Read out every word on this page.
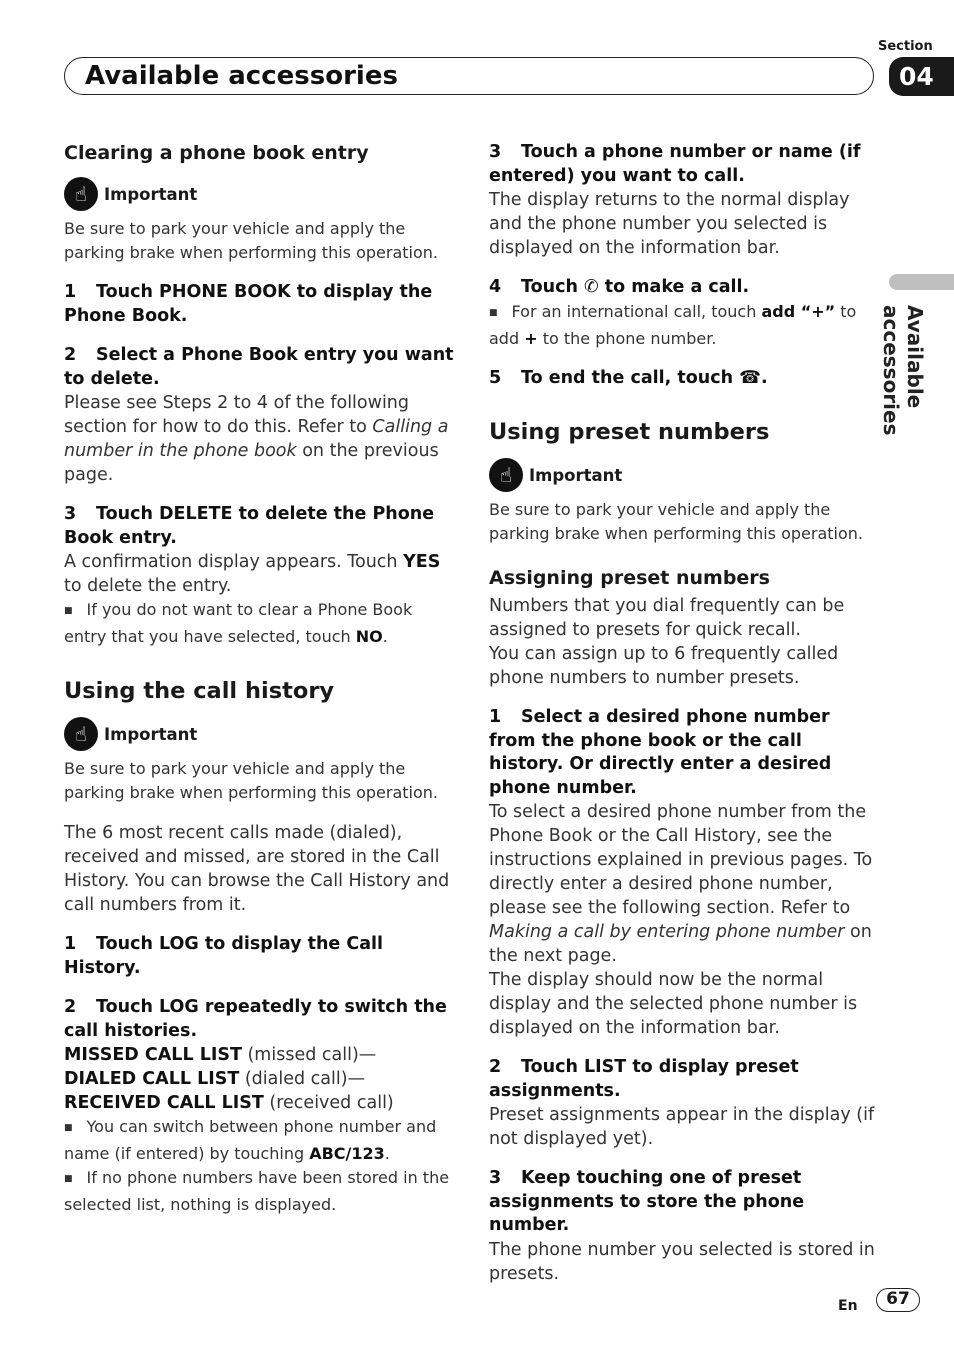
Section
Available accessories	04
Available accessories

Clearing a phone book entry

☝	Important

Be sure to park your vehicle and apply the parking brake when performing this operation.

1 Touch PHONE BOOK to display the Phone Book.

2 Select a Phone Book entry you want to delete.

Please see Steps 2 to 4 of the following section for how to do this. Refer to Calling a number in the phone book on the previous page.

3 Touch DELETE to delete the Phone Book entry.

A confirmation display appears. Touch YES to delete the entry.

■ If you do not want to clear a Phone Book entry that you have selected, touch NO.

Using the call history

☝	Important

Be sure to park your vehicle and apply the parking brake when performing this operation.

The 6 most recent calls made (dialed), received and missed, are stored in the Call History. You can browse the Call History and call numbers from it.

1 Touch LOG to display the Call History.

2 Touch LOG repeatedly to switch the call histories.

MISSED CALL LIST (missed call)—

DIALED CALL LIST (dialed call)—

RECEIVED CALL LIST (received call)

■ You can switch between phone number and name (if entered) by touching ABC/123.

■ If no phone numbers have been stored in the selected list, nothing is displayed.

3 Touch a phone number or name (if entered) you want to call.

The display returns to the normal display and the phone number you selected is displayed on the information bar.

4 Touch ✆ to make a call.

■ For an international call, touch add “+” to add + to the phone number.

5 To end the call, touch ☎.

Using preset numbers

☝	Important

Be sure to park your vehicle and apply the parking brake when performing this operation.

Assigning preset numbers

Numbers that you dial frequently can be assigned to presets for quick recall.

You can assign up to 6 frequently called phone numbers to number presets.

1 Select a desired phone number from the phone book or the call history. Or directly enter a desired phone number.

To select a desired phone number from the Phone Book or the Call History, see the instructions explained in previous pages. To directly enter a desired phone number, please see the following section. Refer to Making a call by entering phone number on the next page.

The display should now be the normal display and the selected phone number is displayed on the information bar.

2 Touch LIST to display preset assignments.

Preset assignments appear in the display (if not displayed yet).

3 Keep touching one of preset assignments to store the phone number.

The phone number you selected is stored in presets.

En	67
